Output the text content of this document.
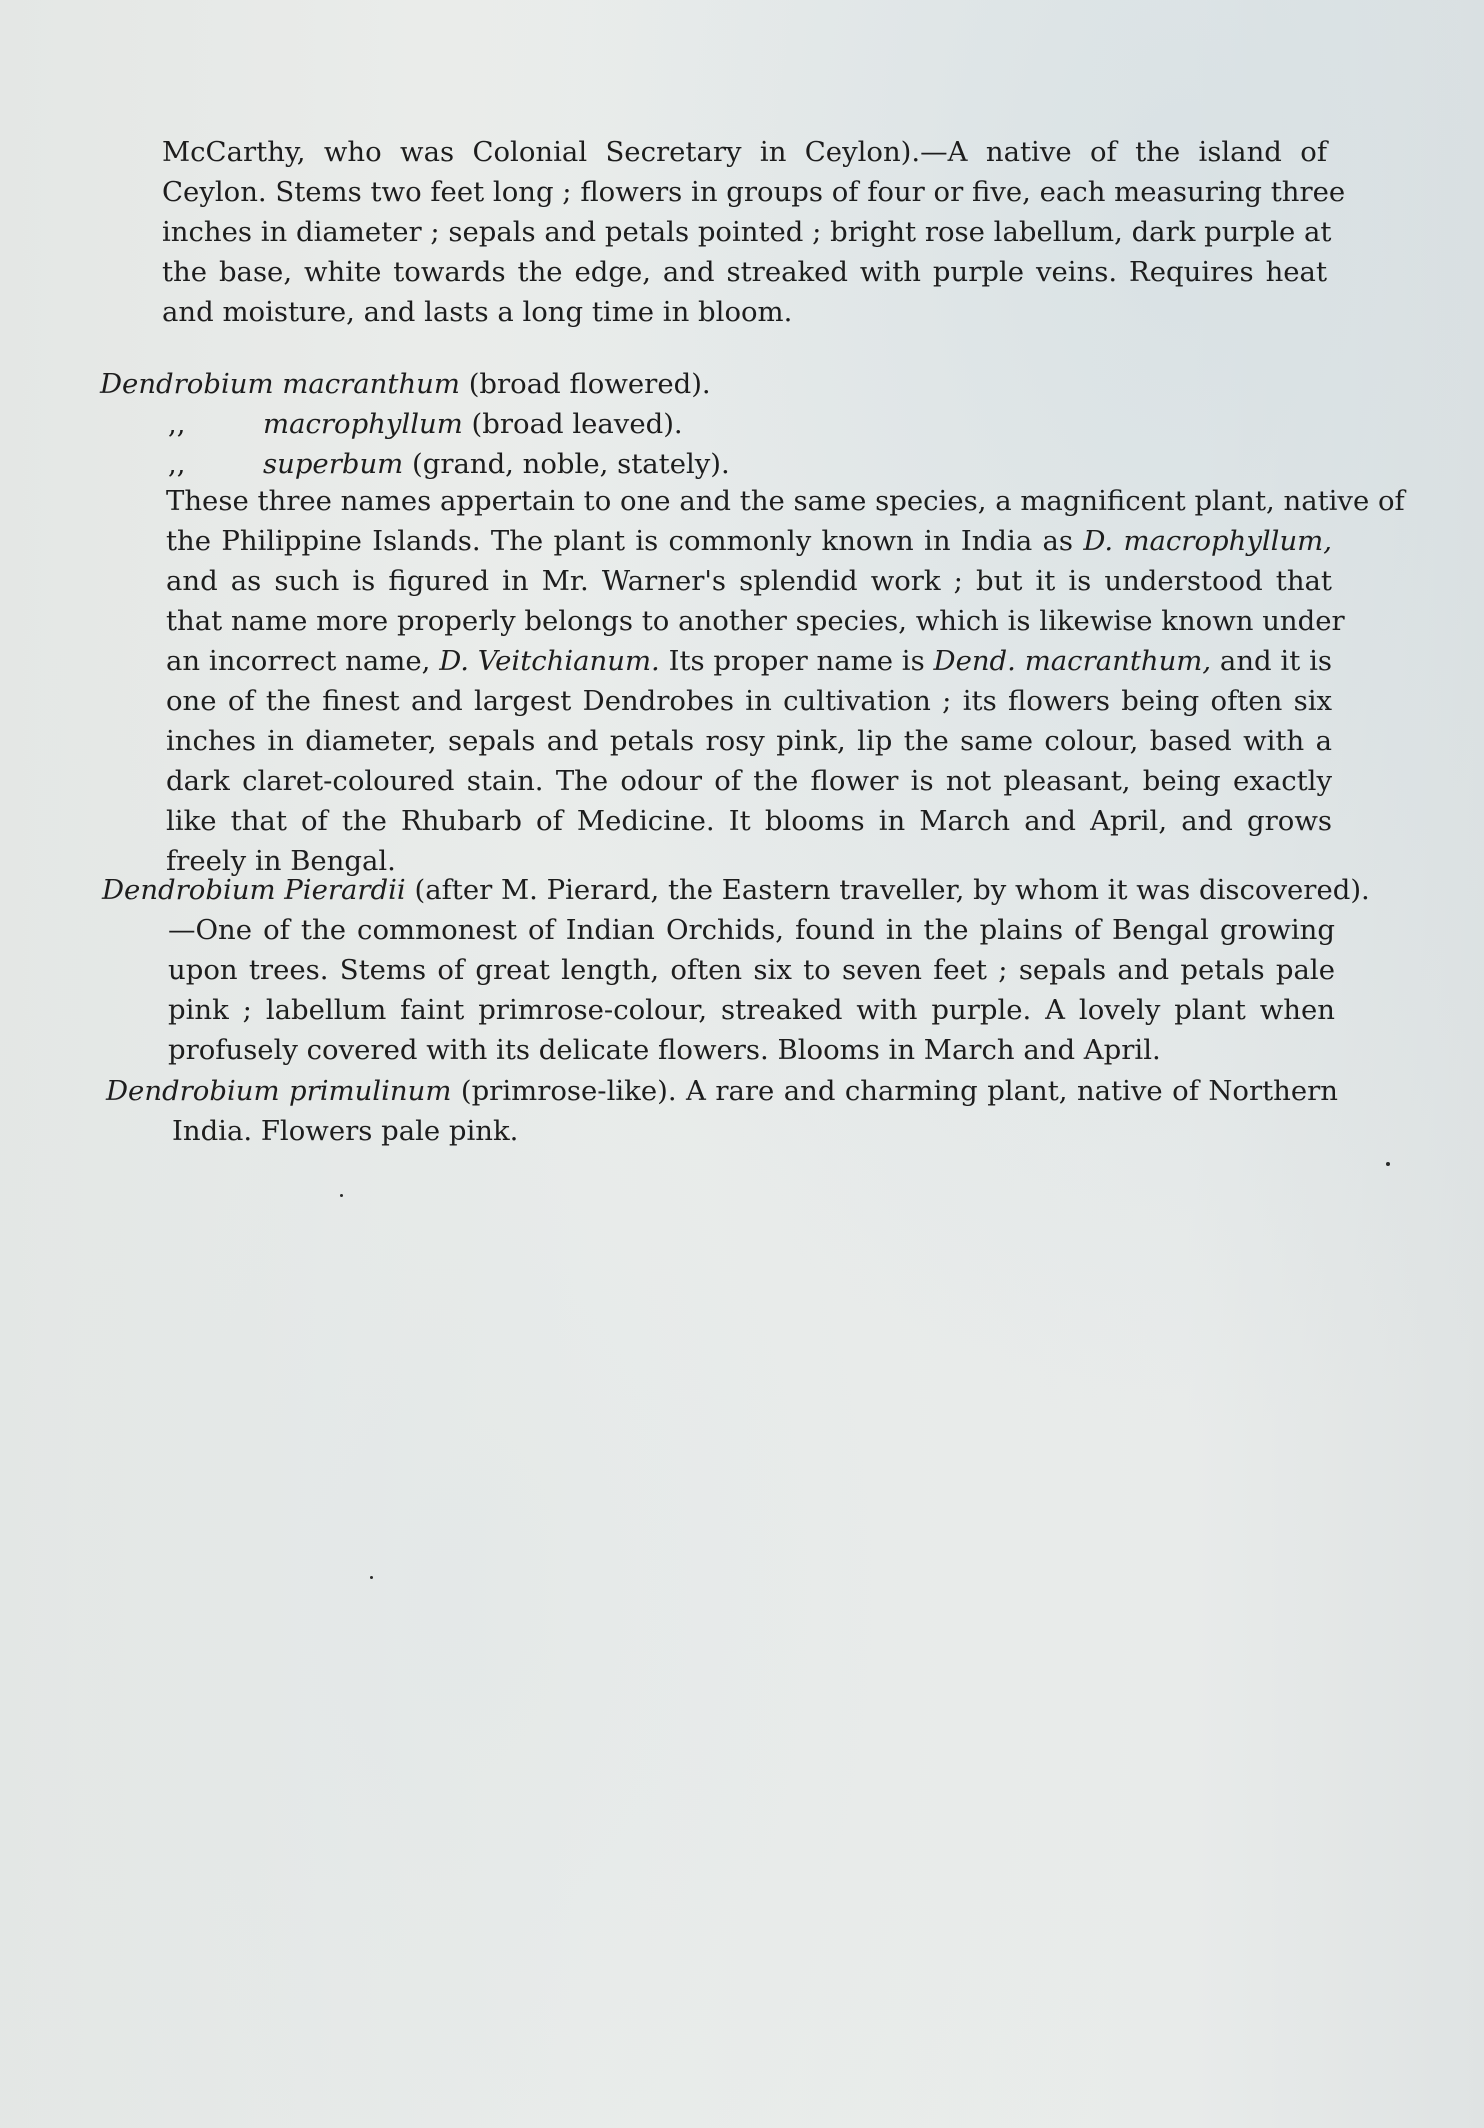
McCarthy, who was Colonial Secretary in Ceylon).—A native of the island of
Ceylon. Stems two feet long ; flowers in groups of four or five, each measuring three
inches in diameter ; sepals and petals pointed ; bright rose labellum, dark purple at
the base, white towards the edge, and streaked with purple veins. Requires heat
and moisture, and lasts a long time in bloom.
Dendrobium macranthum (broad flowered).
,,	macrophyllum (broad leaved).
,,	superbum (grand, noble, stately).
These three names appertain to one and the same species, a magnificent plant, native of
the Philippine Islands. The plant is commonly known in India as D. macrophyllum,
and as such is figured in Mr. Warner's splendid work ; but it is understood that
that name more properly belongs to another species, which is likewise known under
an incorrect name, D. Veitchianum. Its proper name is Dend. macranthum, and it is
one of the finest and largest Dendrobes in cultivation ; its flowers being often six
inches in diameter, sepals and petals rosy pink, lip the same colour, based with a
dark claret-coloured stain. The odour of the flower is not pleasant, being exactly
like that of the Rhubarb of Medicine. It blooms in March and April, and grows
freely in Bengal.
Dendrobium Pierardii (after M. Pierard, the Eastern traveller, by whom it was discovered).
—One of the commonest of Indian Orchids, found in the plains of Bengal growing
upon trees. Stems of great length, often six to seven feet ; sepals and petals pale
pink ; labellum faint primrose-colour, streaked with purple. A lovely plant when
profusely covered with its delicate flowers. Blooms in March and April.
Dendrobium primulinum (primrose-like). A rare and charming plant, native of Northern
India. Flowers pale pink.
